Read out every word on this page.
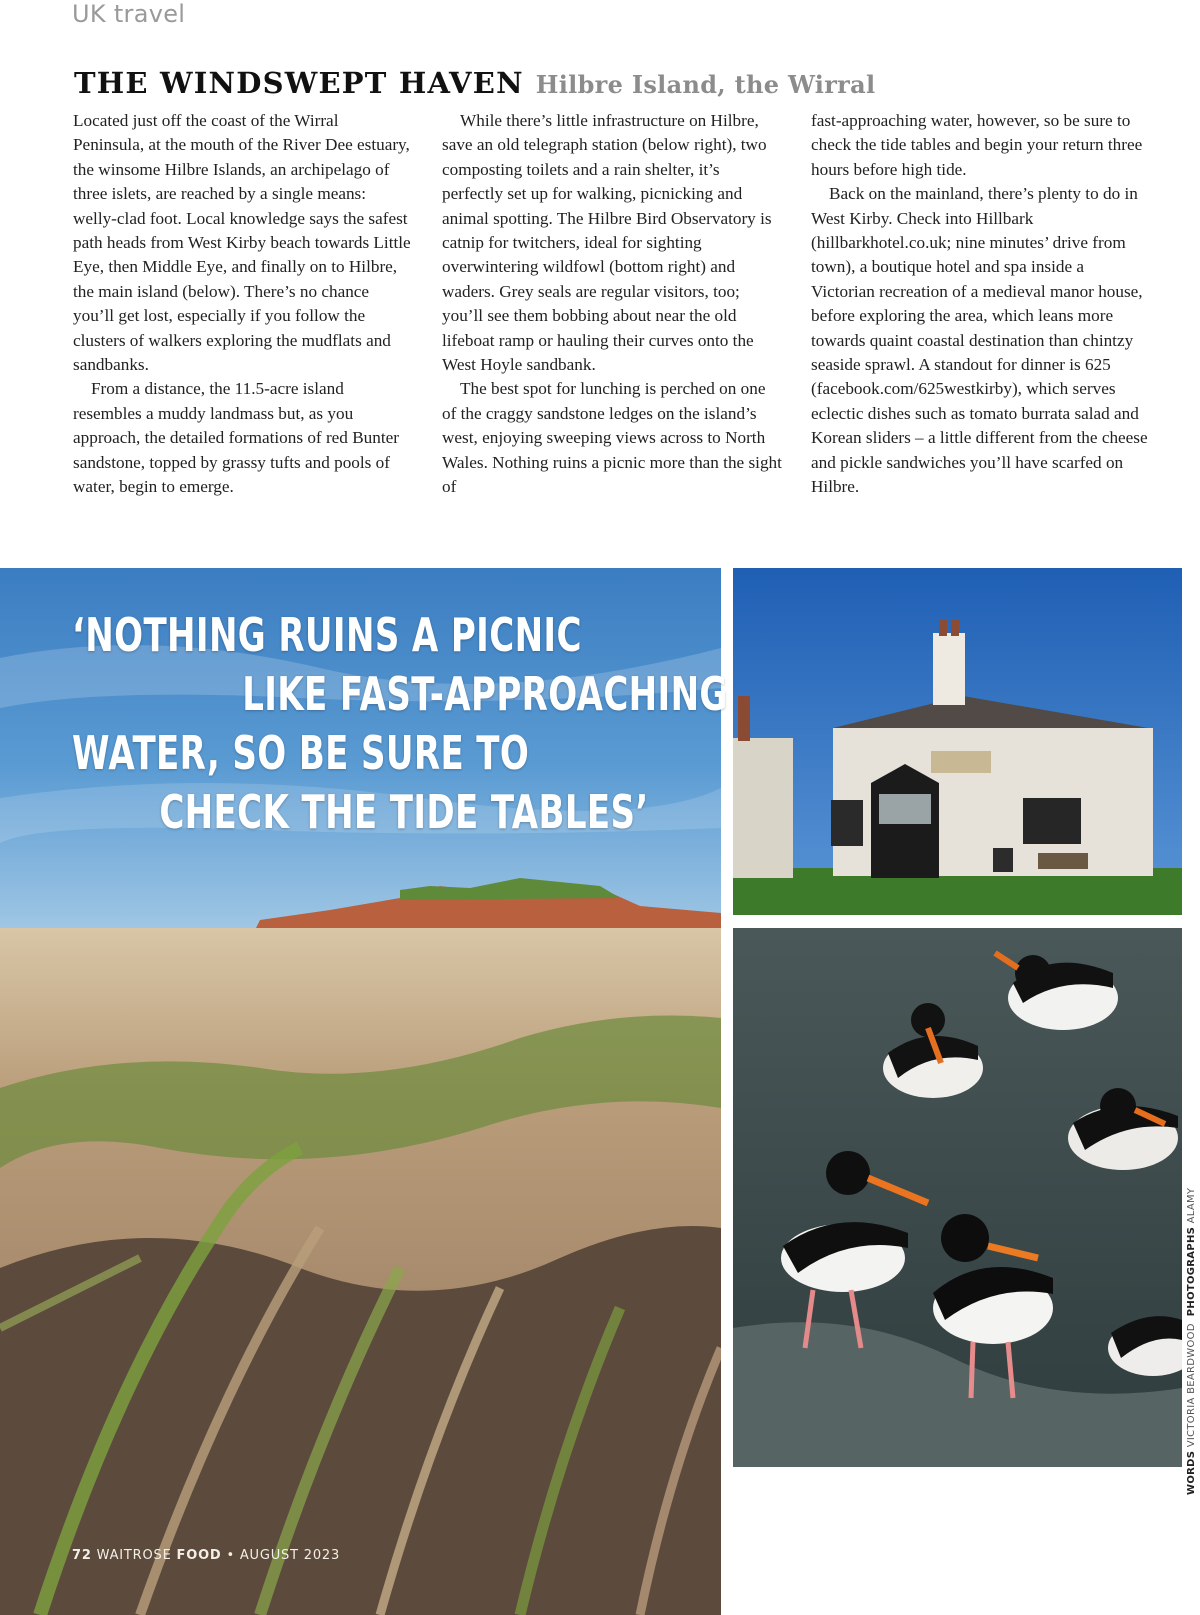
UK travel
THE WINDSWEPT HAVEN Hilbre Island, the Wirral

Located just off the coast of the Wirral Peninsula, at the mouth of the River Dee estuary, the winsome Hilbre Islands, an archipelago of three islets, are reached by a single means: welly-clad foot. Local knowledge says the safest path heads from West Kirby beach towards Little Eye, then Middle Eye, and finally on to Hilbre, the main island (below). There’s no chance you’ll get lost, especially if you follow the clusters of walkers exploring the mudflats and sandbanks.

From a distance, the 11.5-acre island resembles a muddy landmass but, as you approach, the detailed formations of red Bunter sandstone, topped by grassy tufts and pools of water, begin to emerge.

While there’s little infrastructure on Hilbre, save an old telegraph station (below right), two composting toilets and a rain shelter, it’s perfectly set up for walking, picnicking and animal spotting. The Hilbre Bird Observatory is catnip for twitchers, ideal for sighting overwintering wildfowl (bottom right) and waders. Grey seals are regular visitors, too; you’ll see them bobbing about near the old lifeboat ramp or hauling their curves onto the West Hoyle sandbank.

The best spot for lunching is perched on one of the craggy sandstone ledges on the island’s west, enjoying sweeping views across to North Wales. Nothing ruins a picnic more than the sight of

fast-approaching water, however, so be sure to check the tide tables and begin your return three hours before high tide.

Back on the mainland, there’s plenty to do in West Kirby. Check into Hillbark (hillbarkhotel.co.uk; nine minutes’ drive from town), a boutique hotel and spa inside a Victorian recreation of a medieval manor house, before exploring the area, which leans more towards quaint coastal destination than chintzy seaside sprawl. A standout for dinner is 625 (facebook.com/625westkirby), which serves eclectic dishes such as tomato burrata salad and Korean sliders – a little different from the cheese and pickle sandwiches you’ll have scarfed on Hilbre.

‘NOTHING RUINS A PICNIC
LIKE FAST-APPROACHING
WATER, SO BE SURE TO
CHECK THE TIDE TABLES’
72 WAITROSE FOOD • AUGUST 2023
WORDS VICTORIA BEARDWOOD  PHOTOGRAPHS ALAMY
